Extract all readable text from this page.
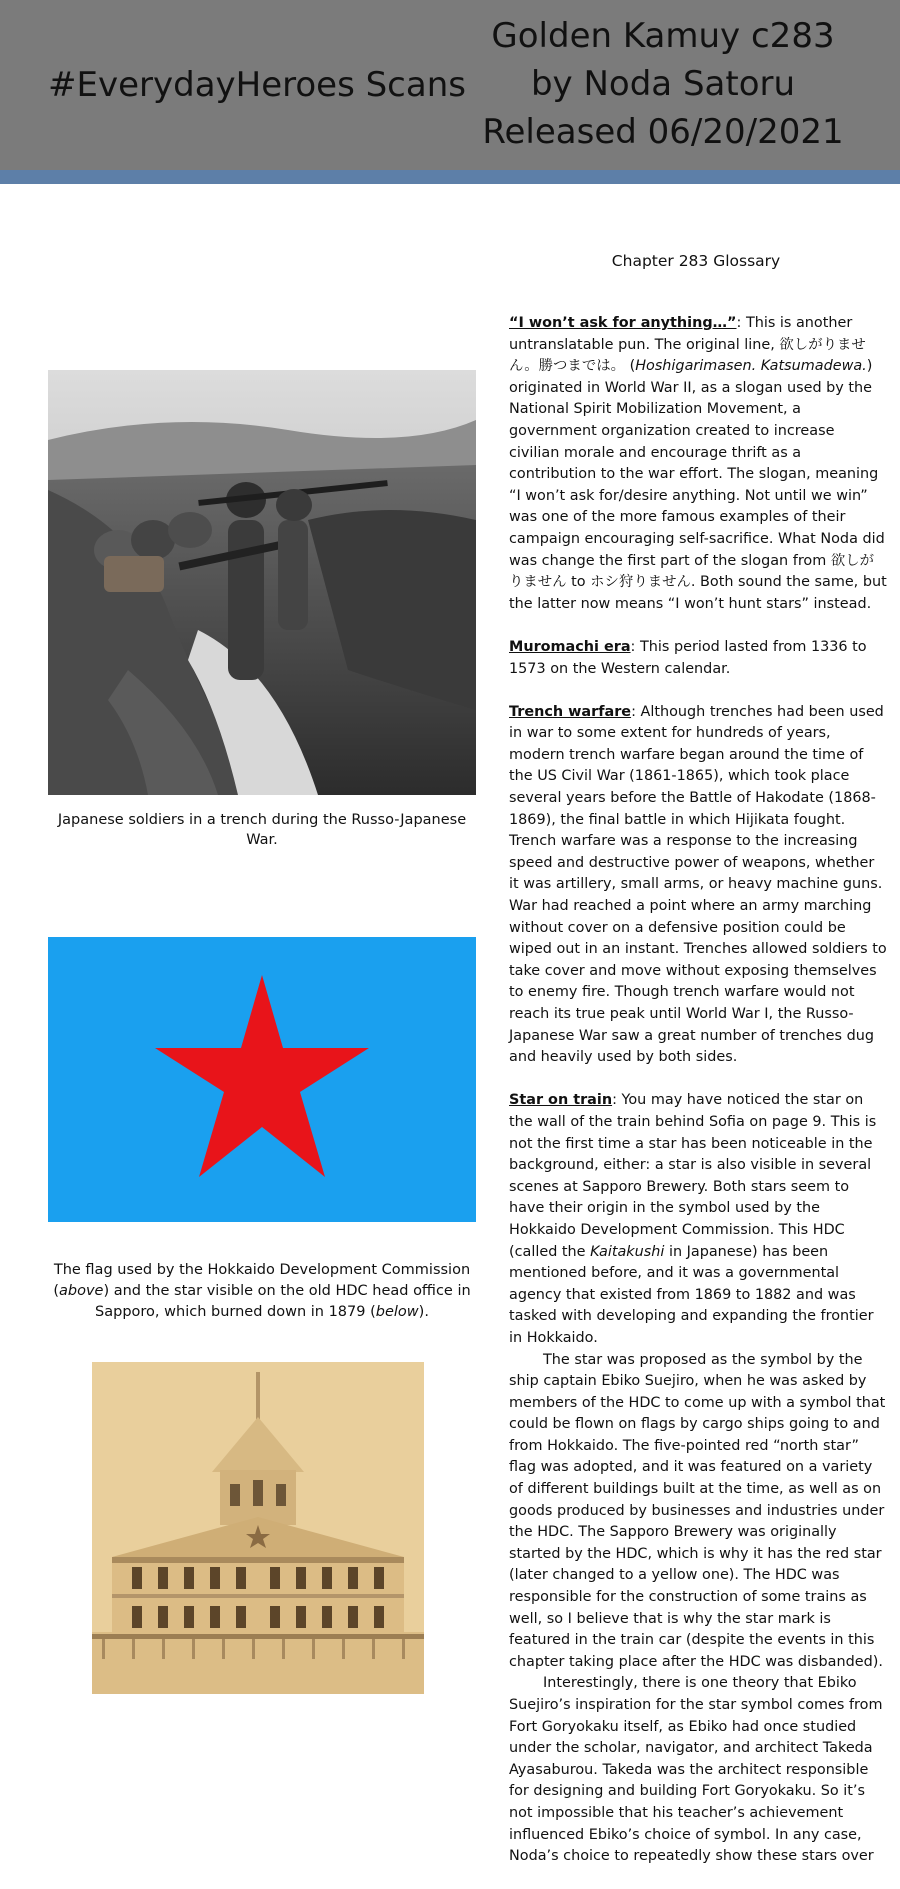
#EverydayHeroes Scans
Golden Kamuy c283
by Noda Satoru
Released 06/20/2021
Japanese soldiers in a trench during the Russo-Japanese War.
The flag used by the Hokkaido Development Commission (above) and the star visible on the old HDC head office in Sapporo, which burned down in 1879 (below).
Chapter 283 Glossary

“I won’t ask for anything…”: This is another untranslatable pun. The original line, 欲しがりません。勝つまでは。 (Hoshigarimasen. Katsumadewa.) originated in World War II, as a slogan used by the National Spirit Mobilization Movement, a government organization created to increase civilian morale and encourage thrift as a contribution to the war effort. The slogan, meaning “I won’t ask for/desire anything. Not until we win” was one of the more famous examples of their campaign encouraging self-sacrifice. What Noda did was change the first part of the slogan from 欲しがりません to ホシ狩りません. Both sound the same, but the latter now means “I won’t hunt stars” instead.

Muromachi era: This period lasted from 1336 to 1573 on the Western calendar.

Trench warfare: Although trenches had been used in war to some extent for hundreds of years, modern trench warfare began around the time of the US Civil War (1861-1865), which took place several years before the Battle of Hakodate (1868-1869), the final battle in which Hijikata fought. Trench warfare was a response to the increasing speed and destructive power of weapons, whether it was artillery, small arms, or heavy machine guns. War had reached a point where an army marching without cover on a defensive position could be wiped out in an instant. Trenches allowed soldiers to take cover and move without exposing themselves to enemy fire. Though trench warfare would not reach its true peak until World War I, the Russo-Japanese War saw a great number of trenches dug and heavily used by both sides.

Star on train: You may have noticed the star on the wall of the train behind Sofia on page 9. This is not the first time a star has been noticeable in the background, either: a star is also visible in several scenes at Sapporo Brewery. Both stars seem to have their origin in the symbol used by the Hokkaido Development Commission. This HDC (called the Kaitakushi in Japanese) has been mentioned before, and it was a governmental agency that existed from 1869 to 1882 and was tasked with developing and expanding the frontier in Hokkaido.

The star was proposed as the symbol by the ship captain Ebiko Suejiro, when he was asked by members of the HDC to come up with a symbol that could be flown on flags by cargo ships going to and from Hokkaido. The five-pointed red “north star” flag was adopted, and it was featured on a variety of different buildings built at the time, as well as on goods produced by businesses and industries under the HDC. The Sapporo Brewery was originally started by the HDC, which is why it has the red star (later changed to a yellow one). The HDC was responsible for the construction of some trains as well, so I believe that is why the star mark is featured in the train car (despite the events in this chapter taking place after the HDC was disbanded).

Interestingly, there is one theory that Ebiko Suejiro’s inspiration for the star symbol comes from Fort Goryokaku itself, as Ebiko had once studied under the scholar, navigator, and architect Takeda Ayasaburou. Takeda was the architect responsible for designing and building Fort Goryokaku. So it’s not impossible that his teacher’s achievement influenced Ebiko’s choice of symbol. In any case, Noda’s choice to repeatedly show these stars over
